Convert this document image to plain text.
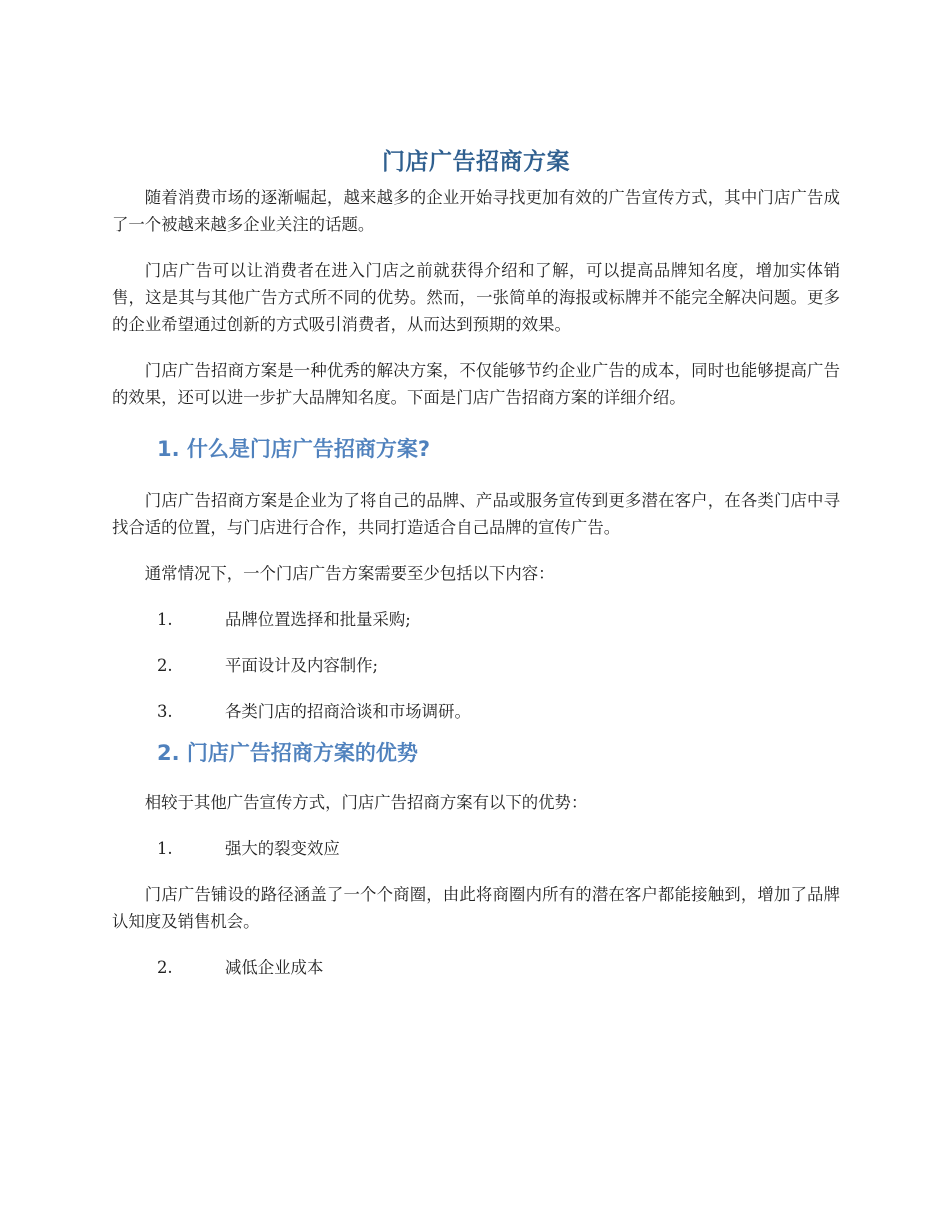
门店广告招商方案

随着消费市场的逐渐崛起，越来越多的企业开始寻找更加有效的广告宣传方式，其中门店广告成了一个被越来越多企业关注的话题。

门店广告可以让消费者在进入门店之前就获得介绍和了解，可以提高品牌知名度，增加实体销售，这是其与其他广告方式所不同的优势。然而，一张简单的海报或标牌并不能完全解决问题。更多的企业希望通过创新的方式吸引消费者，从而达到预期的效果。

门店广告招商方案是一种优秀的解决方案，不仅能够节约企业广告的成本，同时也能够提高广告的效果，还可以进一步扩大品牌知名度。下面是门店广告招商方案的详细介绍。

1. 什么是门店广告招商方案?

门店广告招商方案是企业为了将自己的品牌、产品或服务宣传到更多潜在客户，在各类门店中寻找合适的位置，与门店进行合作，共同打造适合自己品牌的宣传广告。

通常情况下，一个门店广告方案需要至少包括以下内容：

1.	品牌位置选择和批量采购;

2.	平面设计及内容制作;

3.	各类门店的招商洽谈和市场调研。

2. 门店广告招商方案的优势

相较于其他广告宣传方式，门店广告招商方案有以下的优势：

1.	强大的裂变效应

门店广告铺设的路径涵盖了一个个商圈，由此将商圈内所有的潜在客户都能接触到，增加了品牌认知度及销售机会。

2.	减低企业成本
